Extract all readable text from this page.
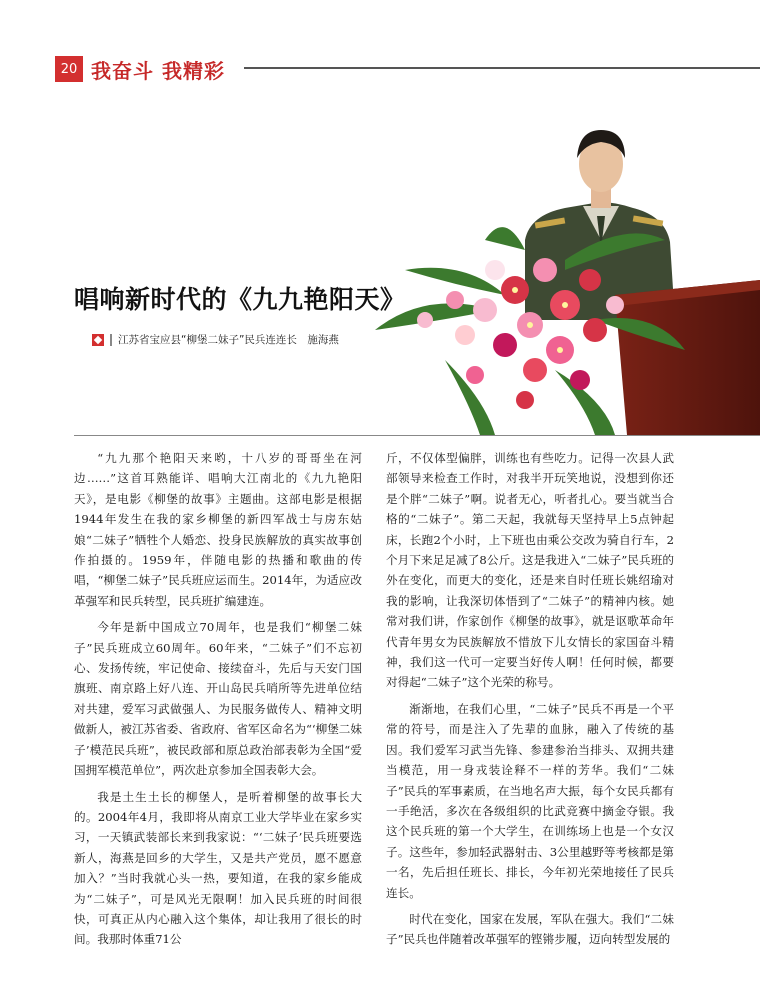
20 我奋斗 我精彩
唱响新时代的《九九艳阳天》
江苏省宝应县“柳堡二妹子”民兵连连长　施海燕

“九九那个艳阳天来哟，十八岁的哥哥坐在河边……”这首耳熟能详、唱响大江南北的《九九艳阳天》，是电影《柳堡的故事》主题曲。这部电影是根据1944年发生在我的家乡柳堡的新四军战士与房东姑娘“二妹子”牺牲个人婚恋、投身民族解放的真实故事创作拍摄的。1959年，伴随电影的热播和歌曲的传唱，“柳堡二妹子”民兵班应运而生。2014年，为适应改革强军和民兵转型，民兵班扩编建连。

今年是新中国成立70周年，也是我们“柳堡二妹子”民兵班成立60周年。60年来，“二妹子”们不忘初心、发扬传统，牢记使命、接续奋斗，先后与天安门国旗班、南京路上好八连、开山岛民兵哨所等先进单位结对共建，爱军习武做强人、为民服务做传人、精神文明做新人，被江苏省委、省政府、省军区命名为“‘柳堡二妹子’模范民兵班”，被民政部和原总政治部表彰为全国“爱国拥军模范单位”，两次赴京参加全国表彰大会。

我是土生土长的柳堡人，是听着柳堡的故事长大的。2004年4月，我即将从南京工业大学毕业在家乡实习，一天镇武装部长来到我家说：“‘二妹子’民兵班要选新人，海燕是回乡的大学生，又是共产党员，愿不愿意加入？”当时我就心头一热，要知道，在我的家乡能成为“二妹子”，可是风光无限啊！加入民兵班的时间很快，可真正从内心融入这个集体，却让我用了很长的时间。我那时体重71公

斤，不仅体型偏胖，训练也有些吃力。记得一次县人武部领导来检查工作时，对我半开玩笑地说，没想到你还是个胖“二妹子”啊。说者无心，听者扎心。要当就当合格的“二妹子”。第二天起，我就每天坚持早上5点钟起床，长跑2个小时，上下班也由乘公交改为骑自行车，2个月下来足足减了8公斤。这是我进入“二妹子”民兵班的外在变化，而更大的变化，还是来自时任班长姚绍瑜对我的影响，让我深切体悟到了“二妹子”的精神内核。她常对我们讲，作家创作《柳堡的故事》，就是讴歌革命年代青年男女为民族解放不惜放下儿女情长的家国奋斗精神，我们这一代可一定要当好传人啊！任何时候，都要对得起“二妹子”这个光荣的称号。

渐渐地，在我们心里，“二妹子”民兵不再是一个平常的符号，而是注入了先辈的血脉，融入了传统的基因。我们爱军习武当先锋、参建参治当排头、双拥共建当模范，用一身戎装诠释不一样的芳华。我们“二妹子”民兵的军事素质，在当地名声大振，每个女民兵都有一手绝活，多次在各级组织的比武竞赛中摘金夺银。我这个民兵班的第一个大学生，在训练场上也是一个女汉子。这些年，参加轻武器射击、3公里越野等考核都是第一名，先后担任班长、排长，今年初光荣地接任了民兵连长。

时代在变化，国家在发展，军队在强大。我们“二妹子”民兵也伴随着改革强军的铿锵步履，迈向转型发展的
